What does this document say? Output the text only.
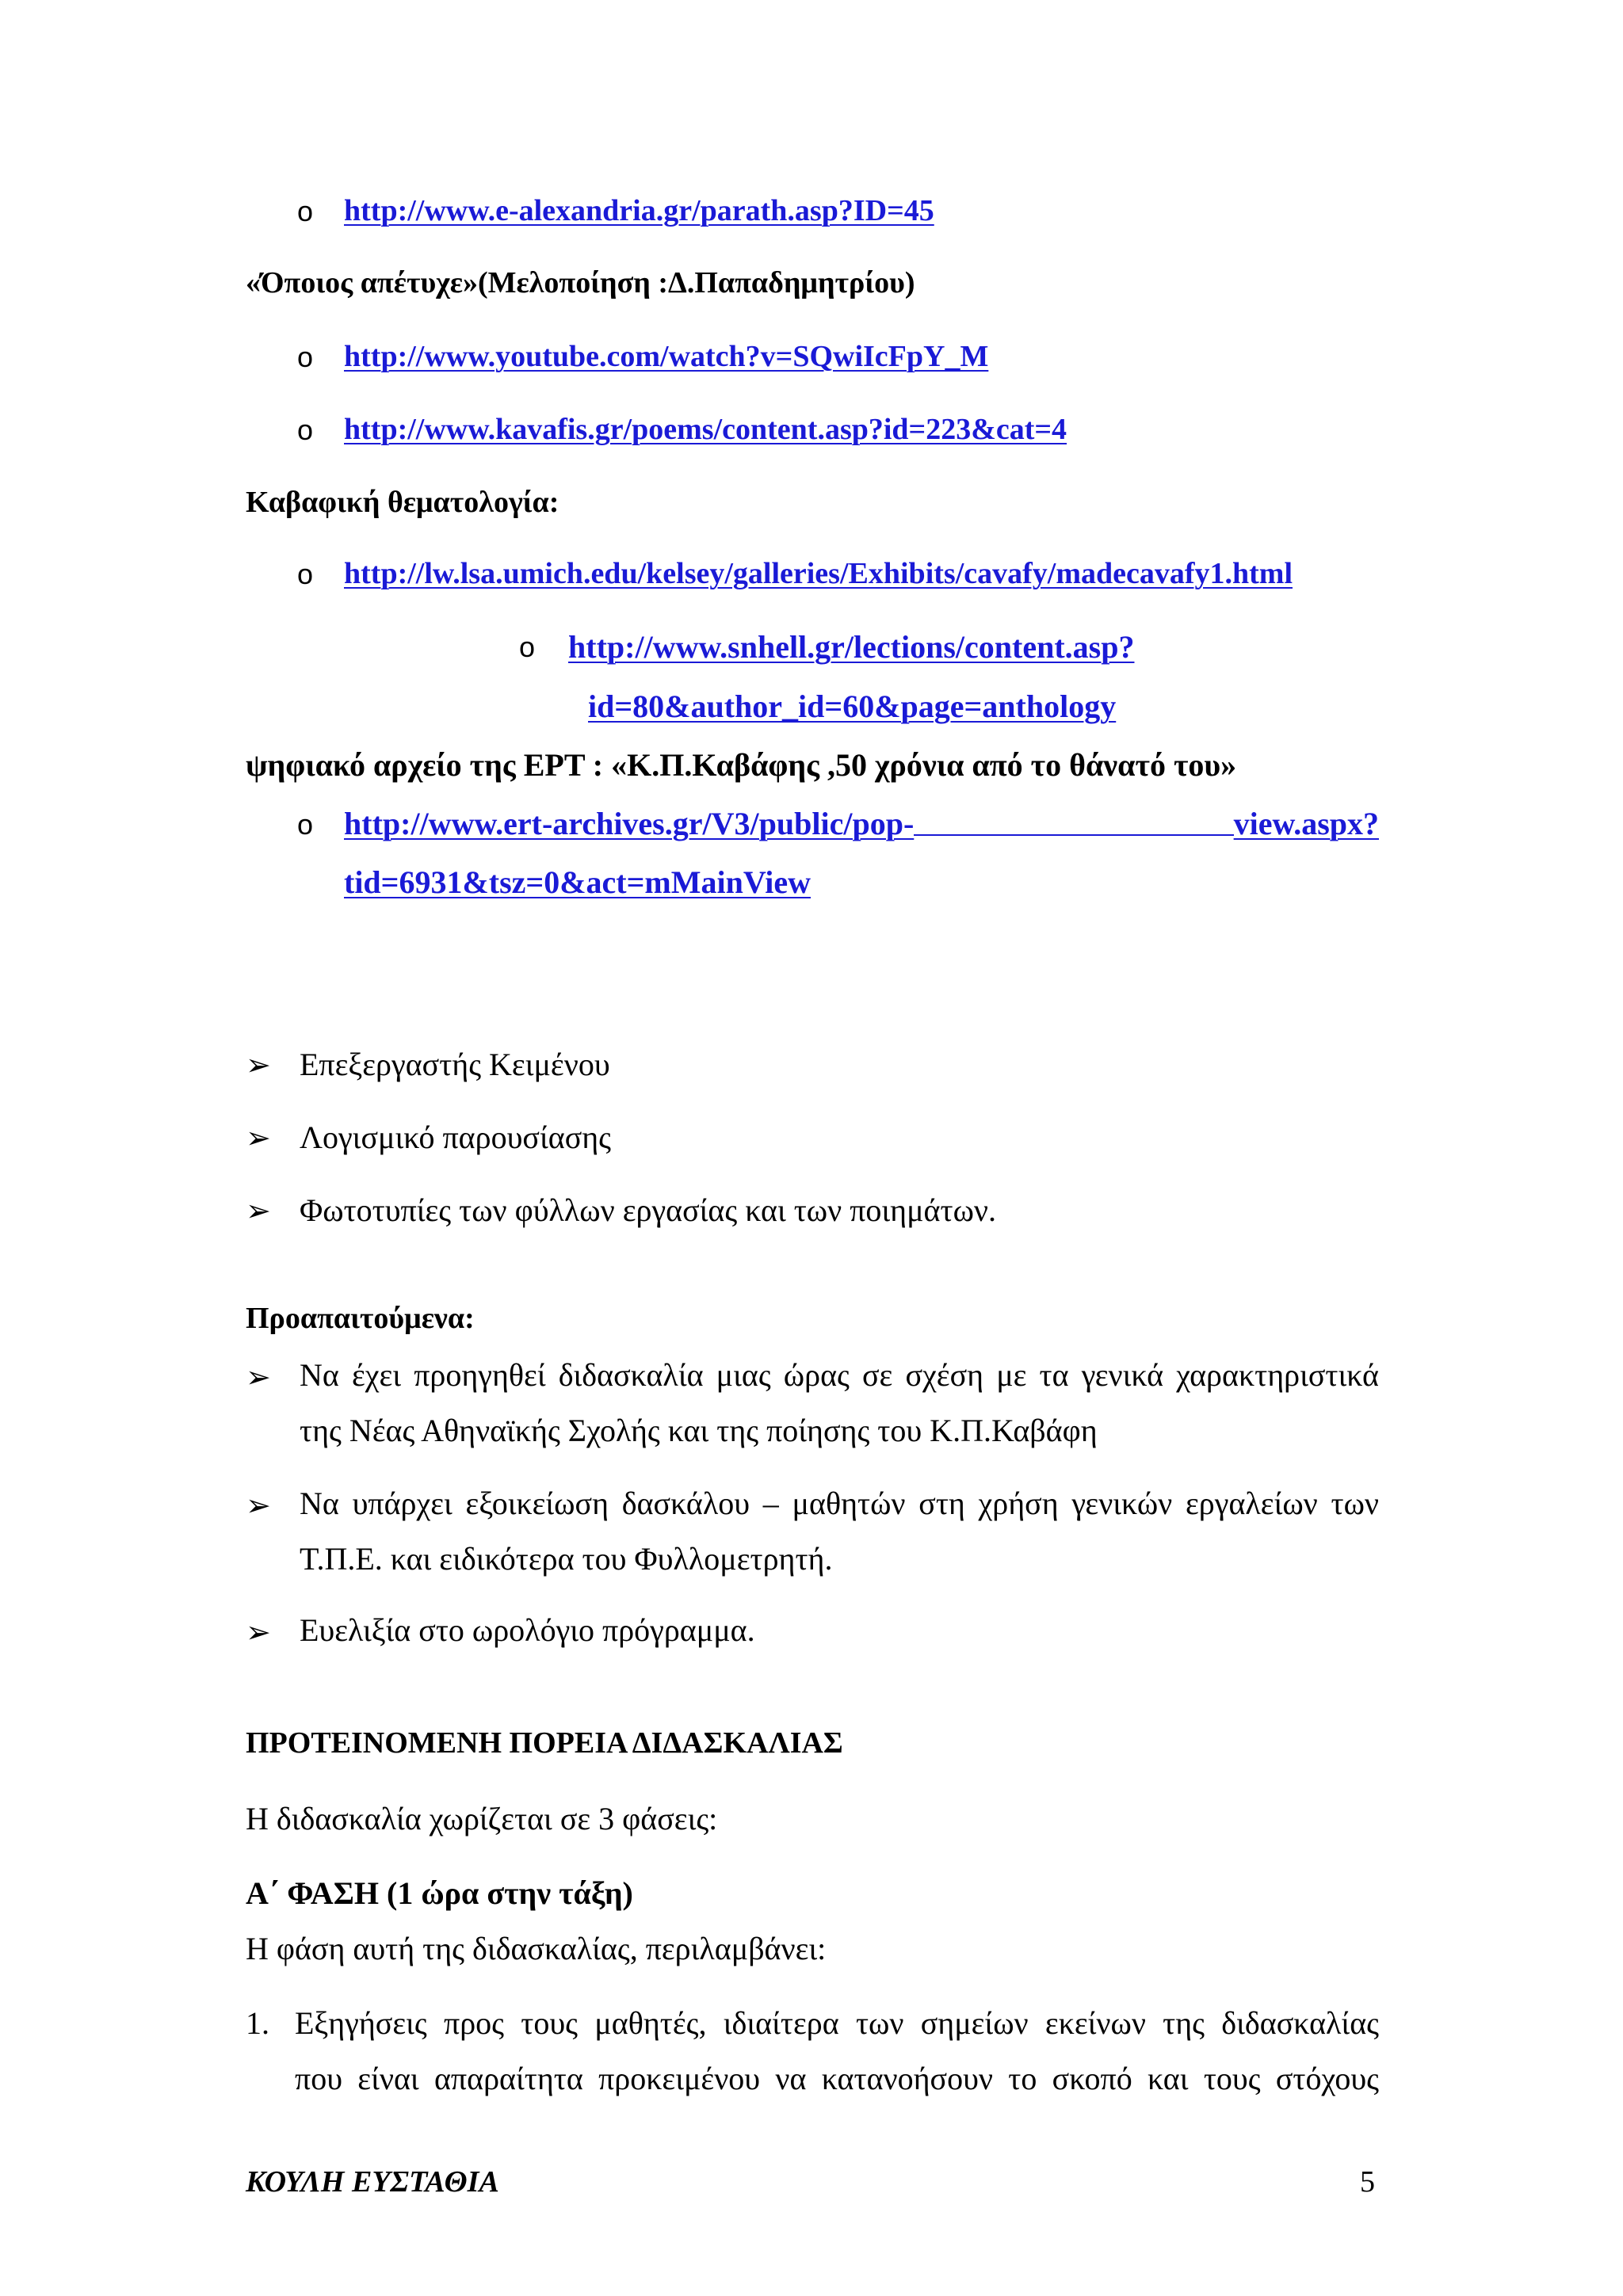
o http://www.e-alexandria.gr/parath.asp?ID=45
«Όποιος απέτυχε»(Μελοποίηση :Δ.Παπαδημητρίου)
o http://www.youtube.com/watch?v=SQwiIcFpY_M
o http://www.kavafis.gr/poems/content.asp?id=223&cat=4
Καβαφική θεματολογία:
o http://lw.lsa.umich.edu/kelsey/galleries/Exhibits/cavafy/madecavafy1.html
o http://www.snhell.gr/lections/content.asp?
id=80&author_id=60&page=anthology
ψηφιακό αρχείο της ΕΡΤ : «Κ.Π.Καβάφης ,50 χρόνια από το θάνατό του»
o http://www.ert-archives.gr/V3/public/pop-	view.aspx?
tid=6931&tsz=0&act=mMainView
➢ Επεξεργαστής Κειμένου
➢ Λογισμικό παρουσίασης
➢ Φωτοτυπίες των φύλλων εργασίας και των ποιημάτων.
Προαπαιτούμενα:
➢ Να έχει προηγηθεί διδασκαλία μιας ώρας σε σχέση με τα γενικά χαρακτηριστικά
της Νέας Αθηναϊκής Σχολής και της ποίησης του Κ.Π.Καβάφη
➢ Να υπάρχει εξοικείωση δασκάλου – μαθητών στη χρήση γενικών εργαλείων των
Τ.Π.Ε. και ειδικότερα του Φυλλομετρητή.
➢ Ευελιξία στο ωρολόγιο πρόγραμμα.
ΠΡΟΤΕΙΝΟΜΕΝΗ ΠΟΡΕΙΑ ΔΙΔΑΣΚΑΛΙΑΣ
Η διδασκαλία χωρίζεται σε 3 φάσεις:
Α΄ ΦΑΣΗ (1 ώρα στην τάξη)
Η φάση αυτή της διδασκαλίας, περιλαμβάνει:
1. Εξηγήσεις προς τους μαθητές, ιδιαίτερα των σημείων εκείνων της διδασκαλίας
που είναι απαραίτητα προκειμένου να κατανοήσουν το σκοπό και τους στόχους
ΚΟΥΛΗ ΕΥΣΤΑΘΙΑ	5
